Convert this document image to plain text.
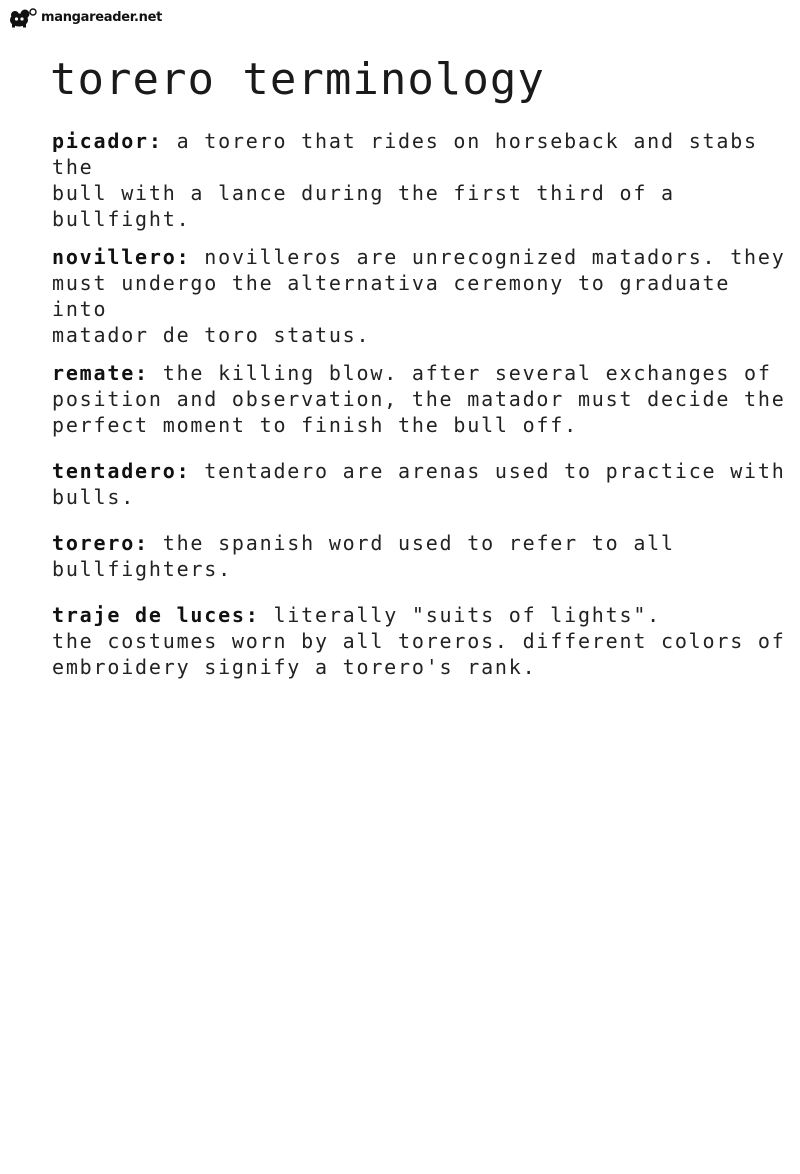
mangareader.net
torero terminology

picador: a torero that rides on horseback and stabs the
bull with a lance during the first third of a bullfight.

novillero: novilleros are unrecognized matadors. they
must undergo the alternativa ceremony to graduate into
matador de toro status.

remate: the killing blow. after several exchanges of
position and observation, the matador must decide the
perfect moment to finish the bull off.

tentadero: tentadero are arenas used to practice with
bulls.

torero: the spanish word used to refer to all
bullfighters.

traje de luces: literally "suits of lights".
the costumes worn by all toreros. different colors of
embroidery signify a torero's rank.
